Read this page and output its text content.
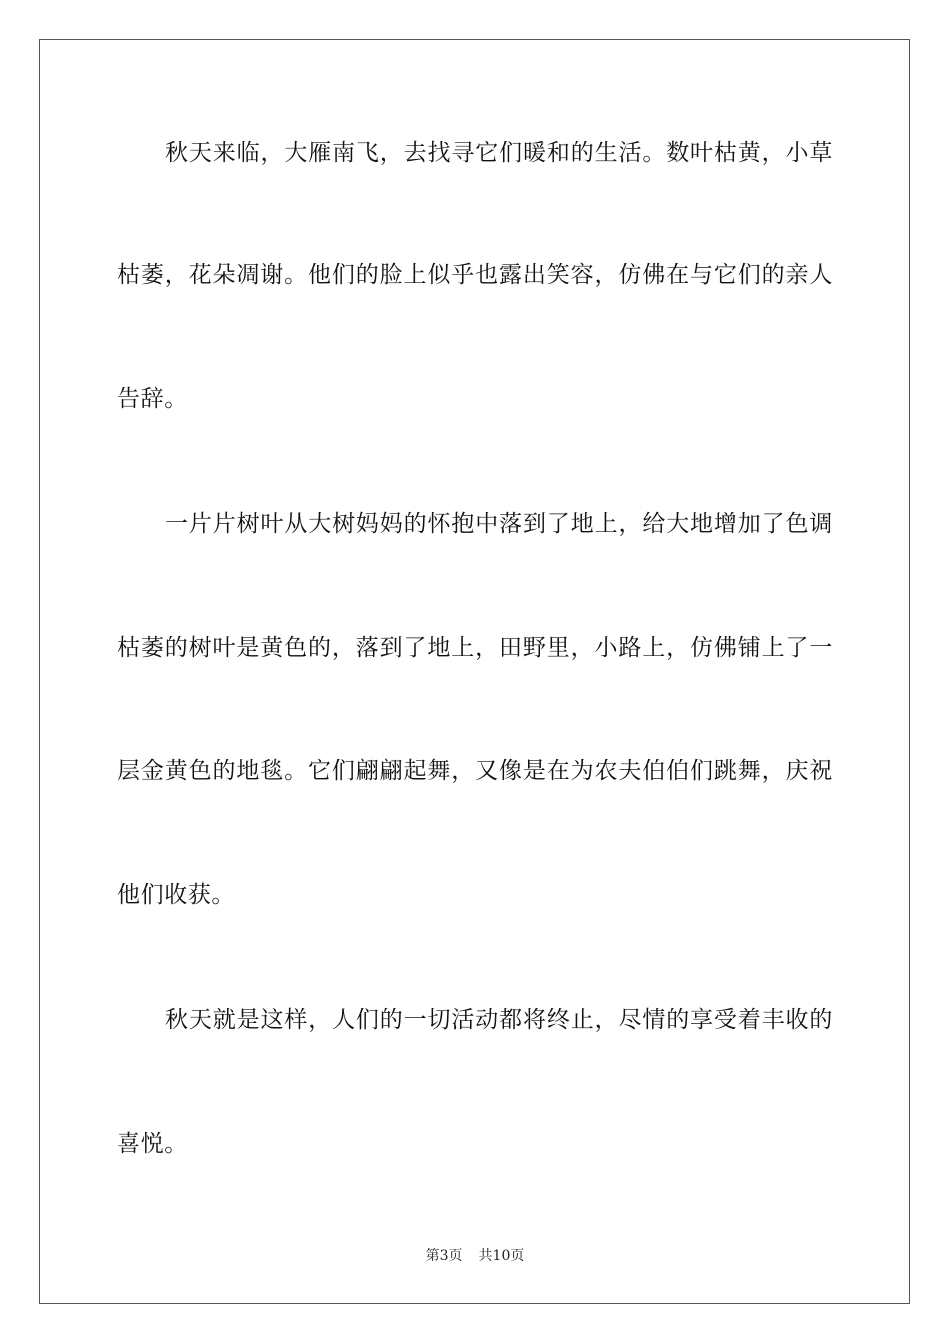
秋天来临，大雁南飞，去找寻它们暖和的生活。数叶枯黄，小草
枯萎，花朵凋谢。他们的脸上似乎也露出笑容，仿佛在与它们的亲人
告辞。
一片片树叶从大树妈妈的怀抱中落到了地上，给大地增加了色调
枯萎的树叶是黄色的，落到了地上，田野里，小路上，仿佛铺上了一
层金黄色的地毯。它们翩翩起舞，又像是在为农夫伯伯们跳舞，庆祝
他们收获。
秋天就是这样，人们的一切活动都将终止，尽情的享受着丰收的
喜悦。
第3页 共10页
